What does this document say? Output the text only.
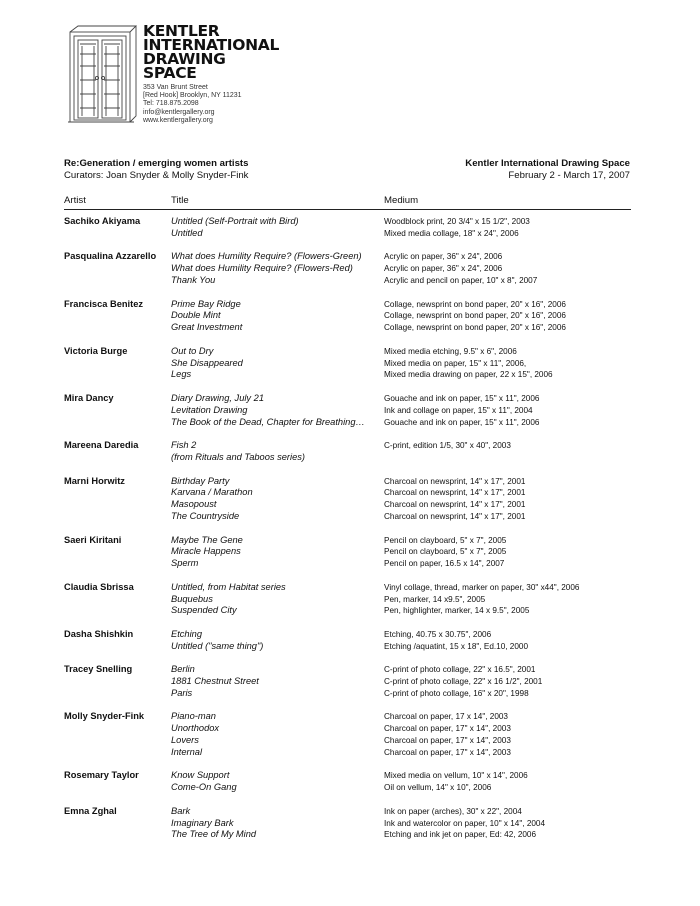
KENTLER
INTERNATIONAL
DRAWING
SPACE
353 Van Brunt Street
[Red Hook] Brooklyn, NY 11231
Tel: 718.875.2098
info@kentlergallery.org
www.kentlergallery.org
Re:Generation / emerging women artists
Curators: Joan Snyder & Molly Snyder-Fink
Kentler International Drawing Space
February 2 - March 17, 2007
Artist	Title	Medium
Sachiko Akiyama	Untitled (Self-Portrait with Bird)	Woodblock print, 20 3/4" x 15 1/2", 2003
Untitled	Mixed media collage, 18" x 24", 2006
Pasqualina Azzarello	What does Humility Require? (Flowers-Green)	Acrylic on paper, 36" x 24", 2006
What does Humility Require? (Flowers-Red)	Acrylic on paper, 36" x 24", 2006
Thank You	Acrylic and pencil on paper, 10" x 8", 2007
Francisca Benitez	Prime Bay Ridge	Collage, newsprint on bond paper, 20" x 16", 2006
Double Mint	Collage, newsprint on bond paper, 20" x 16", 2006
Great Investment	Collage, newsprint on bond paper, 20" x 16", 2006
Victoria Burge	Out to Dry	Mixed media etching, 9.5" x 6", 2006
She Disappeared	Mixed media on paper, 15" x 11", 2006,
Legs	Mixed media drawing on paper, 22 x 15", 2006
Mira Dancy	Diary Drawing, July 21	Gouache and ink on paper, 15" x 11", 2006
Levitation Drawing	Ink and collage on paper, 15" x 11", 2004
The Book of the Dead, Chapter for Breathing…	Gouache and ink on paper, 15" x 11", 2006
Mareena Daredia	Fish 2	C-print, edition 1/5, 30" x 40", 2003
(from Rituals and Taboos series)
Marni Horwitz	Birthday Party	Charcoal on newsprint, 14" x 17", 2001
Karvana / Marathon	Charcoal on newsprint, 14" x 17", 2001
Masopoust	Charcoal on newsprint, 14" x 17", 2001
The Countryside	Charcoal on newsprint, 14" x 17", 2001
Saeri Kiritani	Maybe The Gene	Pencil on clayboard, 5" x 7", 2005
Miracle Happens	Pencil on clayboard, 5" x 7", 2005
Sperm	Pencil on paper, 16.5 x 14", 2007
Claudia Sbrissa	Untitled, from Habitat series	Vinyl collage, thread, marker on paper, 30" x44", 2006
Buquebus	Pen, marker, 14 x9.5", 2005
Suspended City	Pen, highlighter, marker, 14 x 9.5", 2005
Dasha Shishkin	Etching	Etching, 40.75 x 30.75", 2006
Untitled ("same thing")	Etching /aquatint, 15 x 18", Ed.10, 2000
Tracey Snelling	Berlin	C-print of photo collage, 22" x 16.5", 2001
1881 Chestnut Street	C-print of photo collage, 22" x 16 1/2", 2001
Paris	C-print of photo collage, 16" x 20", 1998
Molly Snyder-Fink	Piano-man	Charcoal on paper, 17 x 14", 2003
Unorthodox	Charcoal on paper, 17" x 14", 2003
Lovers	Charcoal on paper, 17" x 14", 2003
Internal	Charcoal on paper, 17" x 14", 2003
Rosemary Taylor	Know Support	Mixed media on vellum, 10" x 14", 2006
Come-On Gang	Oil on vellum, 14" x 10", 2006
Emna Zghal	Bark	Ink on paper (arches), 30" x 22", 2004
Imaginary Bark	Ink and watercolor on paper, 10" x 14", 2004
The Tree of My Mind	Etching and ink jet on paper, Ed: 42, 2006
